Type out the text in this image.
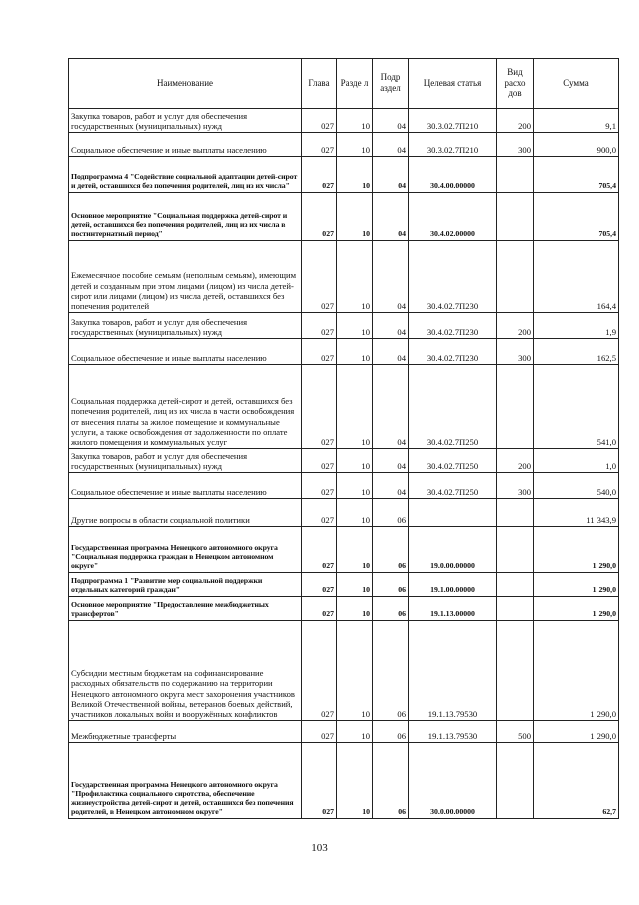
Наименование	Глава	Разде л	Подр аздел	Целевая статья	Вид расхо дов	Сумма
Закупка товаров, работ и услуг для обеспечения государственных (муниципальных) нужд	027	10	04	30.3.02.7П210	200	9,1
Социальное обеспечение и иные выплаты населению	027	10	04	30.3.02.7П210	300	900,0
Подпрограмма 4 "Содействие социальной адаптации детей-сирот и детей, оставшихся без попечения родителей, лиц из их числа"	027	10	04	30.4.00.00000		705,4
Основное мероприятие "Социальная поддержка детей-сирот и детей, оставшихся без попечения родителей, лиц из их числа в постинтернатный период"	027	10	04	30.4.02.00000		705,4
Ежемесячное пособие семьям (неполным семьям), имеющим детей и созданным при этом лицами (лицом) из числа детей-сирот или лицами (лицом) из числа детей, оставшихся без попечения родителей	027	10	04	30.4.02.7П230		164,4
Закупка товаров, работ и услуг для обеспечения государственных (муниципальных) нужд	027	10	04	30.4.02.7П230	200	1,9
Социальное обеспечение и иные выплаты населению	027	10	04	30.4.02.7П230	300	162,5
Социальная поддержка детей-сирот и детей, оставшихся без попечения родителей, лиц из их числа в части освобождения от внесения платы за жилое помещение и коммунальные услуги, а также освобождения от задолженности по оплате жилого помещения и коммунальных услуг	027	10	04	30.4.02.7П250		541,0
Закупка товаров, работ и услуг для обеспечения государственных (муниципальных) нужд	027	10	04	30.4.02.7П250	200	1,0
Социальное обеспечение и иные выплаты населению	027	10	04	30.4.02.7П250	300	540,0
Другие вопросы в области социальной политики	027	10	06			11 343,9
Государственная программа Ненецкого автономного округа "Социальная поддержка граждан в Ненецком автономном округе"	027	10	06	19.0.00.00000		1 290,0
Подпрограмма 1 "Развитие мер социальной поддержки отдельных категорий граждан"	027	10	06	19.1.00.00000		1 290,0
Основное мероприятие "Предоставление межбюджетных трансфертов"	027	10	06	19.1.13.00000		1 290,0
Субсидии местным бюджетам на софинансирование расходных обязательств по содержанию на территории Ненецкого автономного округа мест захоронения участников Великой Отечественной войны, ветеранов боевых действий, участников локальных войн и вооружённых конфликтов	027	10	06	19.1.13.79530		1 290,0
Межбюджетные трансферты	027	10	06	19.1.13.79530	500	1 290,0
Государственная программа Ненецкого автономного округа "Профилактика социального сиротства, обеспечение жизнеустройства детей-сирот и детей, оставшихся без попечения родителей, в Ненецком автономном округе"	027	10	06	30.0.00.00000		62,7
103
